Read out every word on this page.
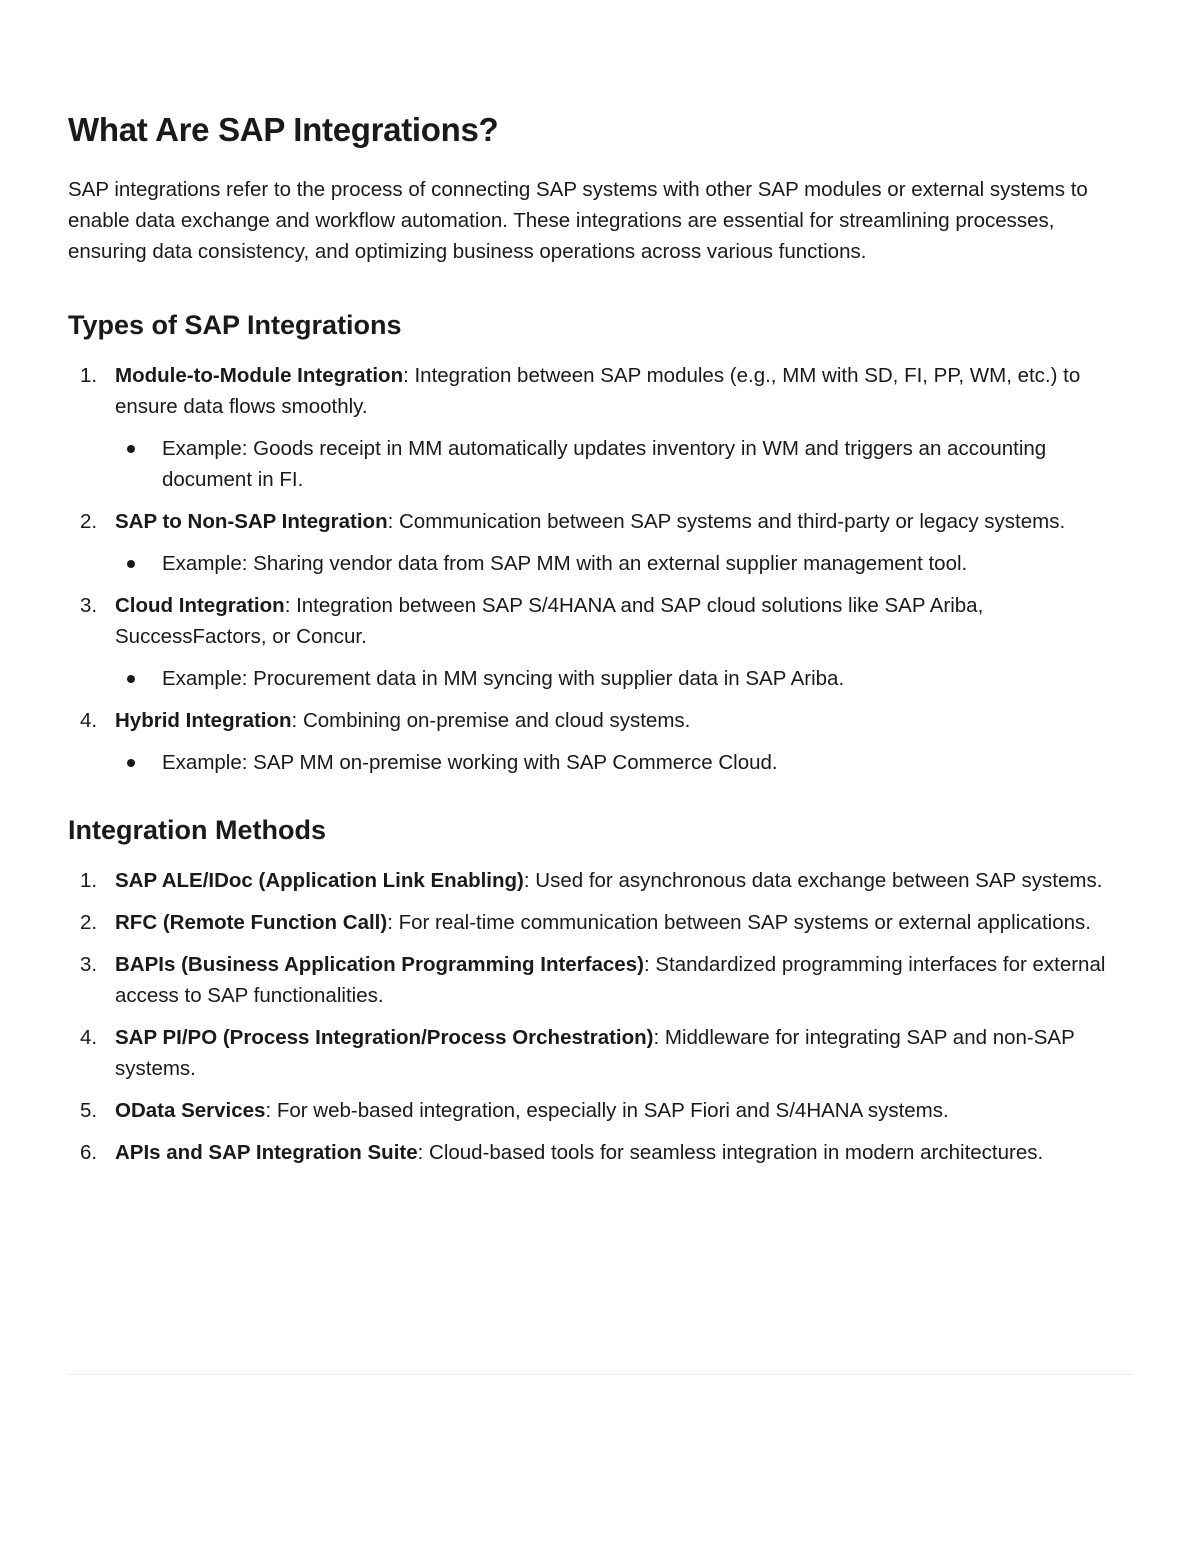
What Are SAP Integrations?

SAP integrations refer to the process of connecting SAP systems with other SAP modules or external systems to enable data exchange and workflow automation. These integrations are essential for streamlining processes, ensuring data consistency, and optimizing business operations across various functions.

Types of SAP Integrations
1. Module-to-Module Integration: Integration between SAP modules (e.g., MM with SD, FI, PP, WM, etc.) to ensure data flows smoothly.
Example: Goods receipt in MM automatically updates inventory in WM and triggers an accounting document in FI.
2. SAP to Non-SAP Integration: Communication between SAP systems and third-party or legacy systems.
Example: Sharing vendor data from SAP MM with an external supplier management tool.
3. Cloud Integration: Integration between SAP S/4HANA and SAP cloud solutions like SAP Ariba, SuccessFactors, or Concur.
Example: Procurement data in MM syncing with supplier data in SAP Ariba.
4. Hybrid Integration: Combining on-premise and cloud systems.
Example: SAP MM on-premise working with SAP Commerce Cloud.
Integration Methods
1. SAP ALE/IDoc (Application Link Enabling): Used for asynchronous data exchange between SAP systems.
2. RFC (Remote Function Call): For real-time communication between SAP systems or external applications.
3. BAPIs (Business Application Programming Interfaces): Standardized programming interfaces for external access to SAP functionalities.
4. SAP PI/PO (Process Integration/Process Orchestration): Middleware for integrating SAP and non-SAP systems.
5. OData Services: For web-based integration, especially in SAP Fiori and S/4HANA systems.
6. APIs and SAP Integration Suite: Cloud-based tools for seamless integration in modern architectures.
